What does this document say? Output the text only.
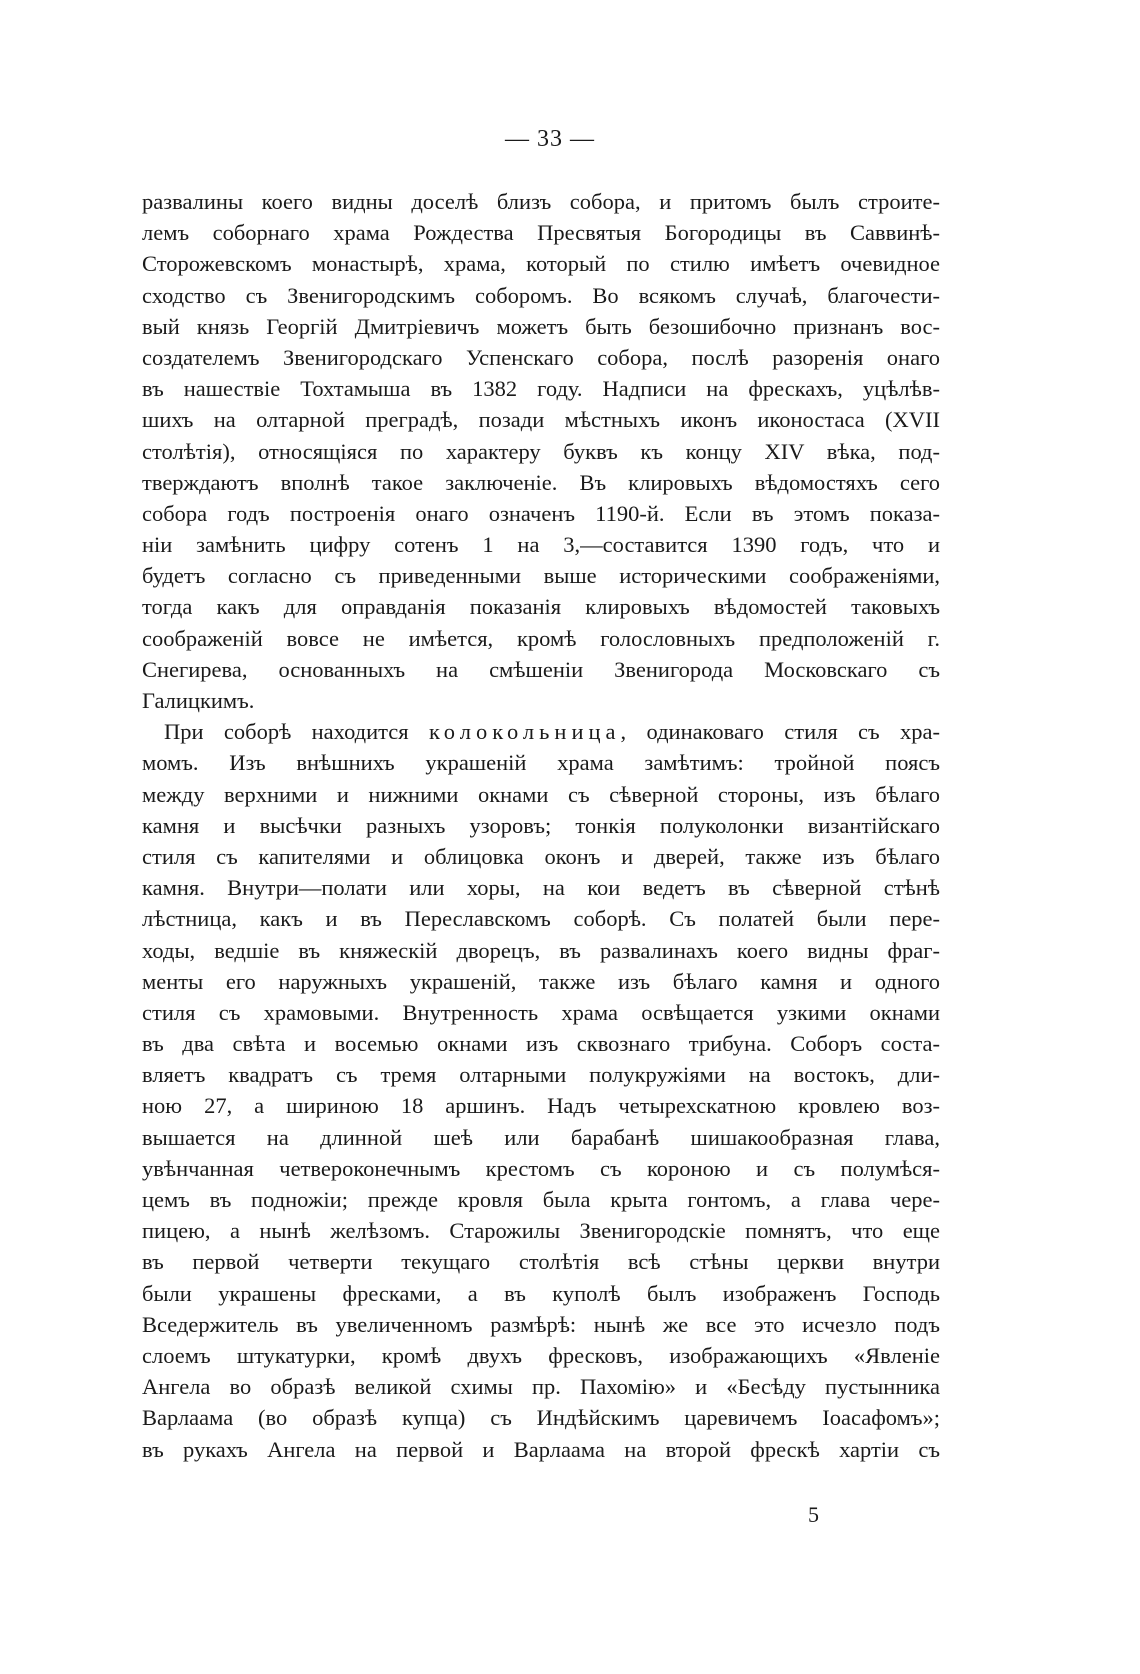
— 33 —
развалины коего видны доселѣ близъ собора, и притомъ былъ строите-
лемъ соборнаго храма Рождества Пресвятыя Богородицы въ Саввинѣ-
Сторожевскомъ монастырѣ, храма, который по стилю имѣетъ очевидное
сходство съ Звенигородскимъ соборомъ. Во всякомъ случаѣ, благочести-
вый князь Георгій Дмитріевичъ можетъ быть безошибочно признанъ вос-
создателемъ Звенигородскаго Успенскаго собора, послѣ разоренія онаго
въ нашествіе Тохтамыша въ 1382 году. Надписи на фрескахъ, уцѣлѣв-
шихъ на олтарной преградѣ, позади мѣстныхъ иконъ иконостаса (XVII
столѣтія), относящіяся по характеру буквъ къ концу XIV вѣка, под-
тверждаютъ вполнѣ такое заключеніе. Въ клировыхъ вѣдомостяхъ сего
собора годъ построенія онаго означенъ 1190-й. Если въ этомъ показа-
ніи замѣнить цифру сотенъ 1 на 3,—составится 1390 годъ, что и
будетъ согласно съ приведенными выше историческими соображеніями,
тогда какъ для оправданія показанія клировыхъ вѣдомостей таковыхъ
соображеній вовсе не имѣется, кромѣ голословныхъ предположеній г.
Снегирева, основанныхъ на смѣшеніи Звенигорода Московскаго съ
Галицкимъ.
При соборѣ находится колокольница, одинаковаго стиля съ хра-
момъ. Изъ внѣшнихъ украшеній храма замѣтимъ: тройной поясъ
между верхними и нижними окнами съ сѣверной стороны, изъ бѣлаго
камня и высѣчки разныхъ узоровъ; тонкія полуколонки византійскаго
стиля съ капителями и облицовка оконъ и дверей, также изъ бѣлаго
камня. Внутри—полати или хоры, на кои ведетъ въ сѣверной стѣнѣ
лѣстница, какъ и въ Переславскомъ соборѣ. Съ полатей были пере-
ходы, ведшіе въ княжескій дворецъ, въ развалинахъ коего видны фраг-
менты его наружныхъ украшеній, также изъ бѣлаго камня и одного
стиля съ храмовыми. Внутренность храма освѣщается узкими окнами
въ два свѣта и восемью окнами изъ сквознаго трибуна. Соборъ соста-
вляетъ квадратъ съ тремя олтарными полукружіями на востокъ, дли-
ною 27, а шириною 18 аршинъ. Надъ четырехскатною кровлею воз-
вышается на длинной шеѣ или барабанѣ шишакообразная глава,
увѣнчанная четвероконечнымъ крестомъ съ короною и съ полумѣся-
цемъ въ подножіи; прежде кровля была крыта гонтомъ, а глава чере-
пицею, а нынѣ желѣзомъ. Старожилы Звенигородскіе помнятъ, что еще
въ первой четверти текущаго столѣтія всѣ стѣны церкви внутри
были украшены фресками, а въ куполѣ былъ изображенъ Господь
Вседержитель въ увеличенномъ размѣрѣ: нынѣ же все это исчезло подъ
слоемъ штукатурки, кромѣ двухъ фресковъ, изображающихъ «Явленіе
Ангела во образѣ великой схимы пр. Пахомію» и «Бесѣду пустынника
Варлаама (во образѣ купца) съ Индѣйскимъ царевичемъ Іоасафомъ»;
въ рукахъ Ангела на первой и Варлаама на второй фрескѣ хартіи съ
5
